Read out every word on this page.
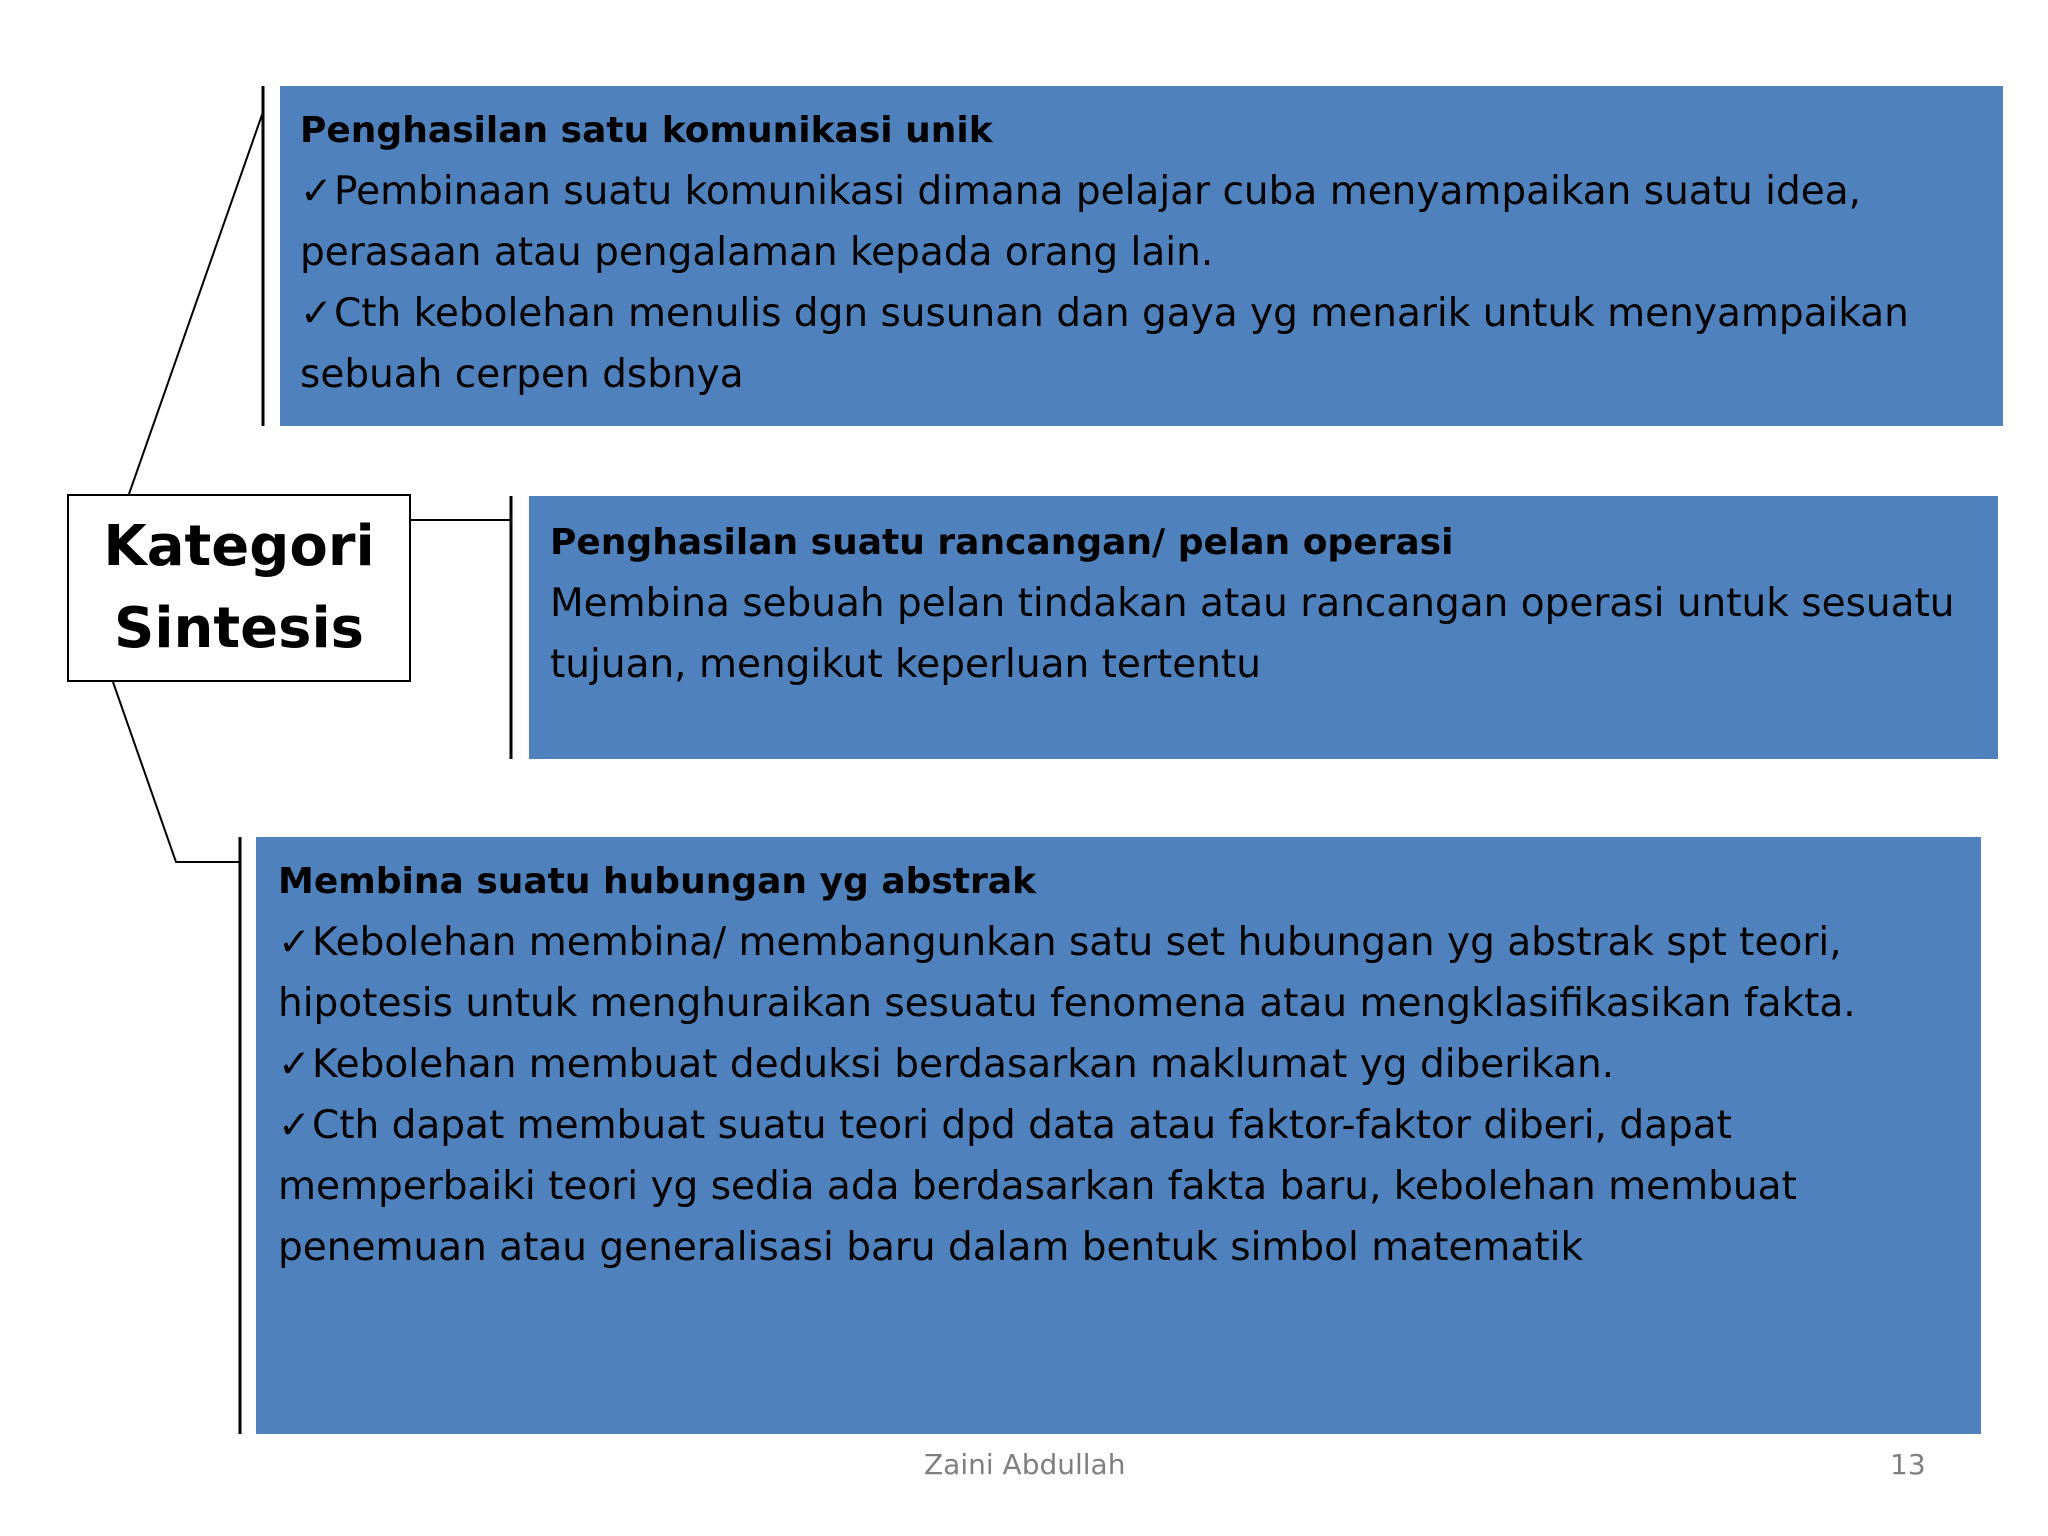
Kategori
Sintesis
Penghasilan satu komunikasi unik
✓Pembinaan suatu komunikasi dimana pelajar cuba menyampaikan suatu idea, perasaan atau pengalaman kepada orang lain.
✓Cth kebolehan menulis dgn susunan dan gaya yg menarik untuk menyampaikan sebuah cerpen dsbnya
Penghasilan suatu rancangan/ pelan operasi
Membina sebuah pelan tindakan atau rancangan operasi untuk sesuatu tujuan, mengikut keperluan tertentu
Membina suatu hubungan yg abstrak
✓Kebolehan membina/ membangunkan satu set hubungan yg abstrak spt teori, hipotesis untuk menghuraikan sesuatu fenomena atau mengklasifikasikan fakta.
✓Kebolehan membuat deduksi berdasarkan maklumat yg diberikan.
✓Cth dapat membuat suatu teori dpd data atau faktor-faktor diberi, dapat memperbaiki teori yg sedia ada berdasarkan fakta baru, kebolehan membuat penemuan atau generalisasi baru dalam bentuk simbol matematik
Zaini Abdullah	13
